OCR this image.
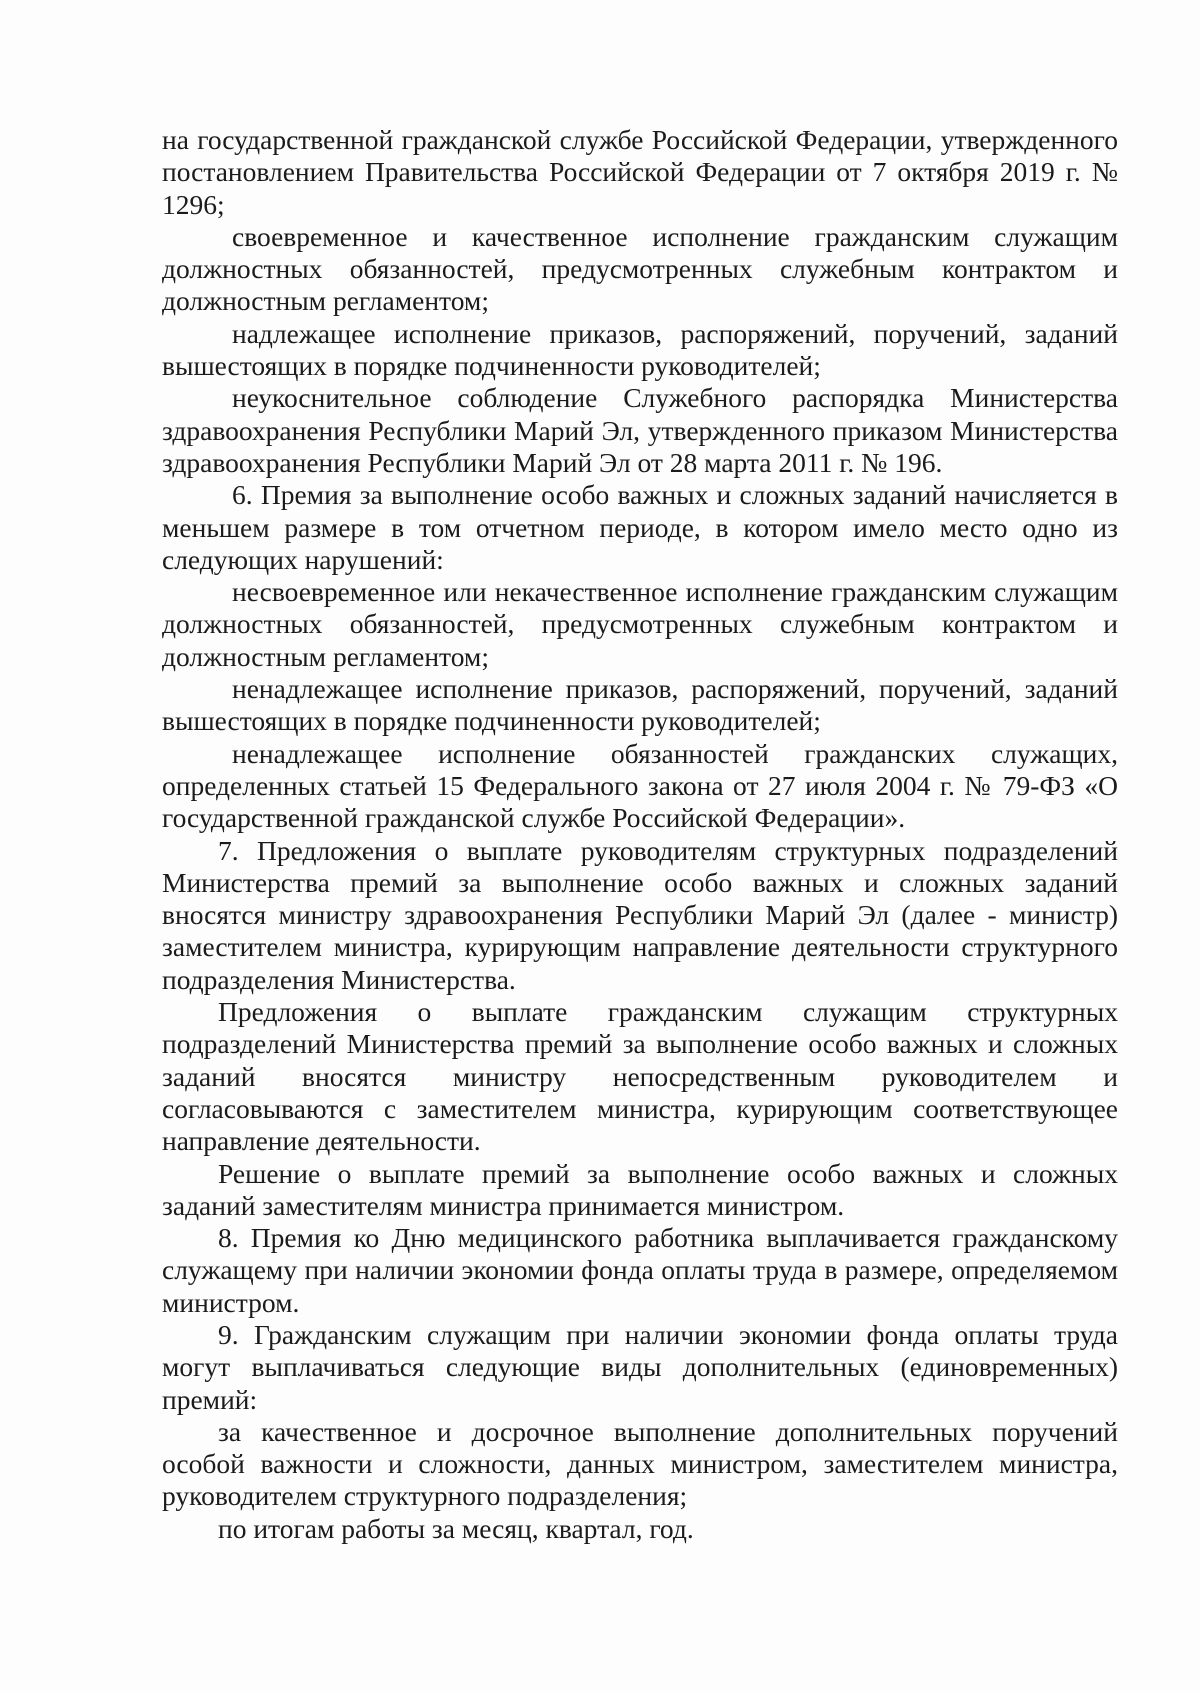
на государственной гражданской службе Российской Федерации, утвержденного постановлением Правительства Российской Федерации от 7 октября 2019 г. № 1296;

своевременное и качественное исполнение гражданским служащим должностных обязанностей, предусмотренных служебным контрактом и должностным регламентом;

надлежащее исполнение приказов, распоряжений, поручений, заданий вышестоящих в порядке подчиненности руководителей;

неукоснительное соблюдение Служебного распорядка Министерства здравоохранения Республики Марий Эл, утвержденного приказом Министерства здравоохранения Республики Марий Эл от 28 марта 2011 г. № 196.

6. Премия за выполнение особо важных и сложных заданий начисляется в меньшем размере в том отчетном периоде, в котором имело место одно из следующих нарушений:

несвоевременное или некачественное исполнение гражданским служащим должностных обязанностей, предусмотренных служебным контрактом и должностным регламентом;

ненадлежащее исполнение приказов, распоряжений, поручений, заданий вышестоящих в порядке подчиненности руководителей;

ненадлежащее исполнение обязанностей гражданских служащих, определенных статьей 15 Федерального закона от 27 июля 2004 г. № 79-ФЗ «О государственной гражданской службе Российской Федерации».

7. Предложения о выплате руководителям структурных подразделений Министерства премий за выполнение особо важных и сложных заданий вносятся министру здравоохранения Республики Марий Эл (далее - министр) заместителем министра, курирующим направление деятельности структурного подразделения Министерства.

Предложения о выплате гражданским служащим структурных подразделений Министерства премий за выполнение особо важных и сложных заданий вносятся министру непосредственным руководителем и согласовываются с заместителем министра, курирующим соответствующее направление деятельности.

Решение о выплате премий за выполнение особо важных и сложных заданий заместителям министра принимается министром.

8. Премия ко Дню медицинского работника выплачивается гражданскому служащему при наличии экономии фонда оплаты труда в размере, определяемом министром.

9. Гражданским служащим при наличии экономии фонда оплаты труда могут выплачиваться следующие виды дополнительных (единовременных) премий:

за качественное и досрочное выполнение дополнительных поручений особой важности и сложности, данных министром, заместителем министра, руководителем структурного подразделения;

по итогам работы за месяц, квартал, год.
